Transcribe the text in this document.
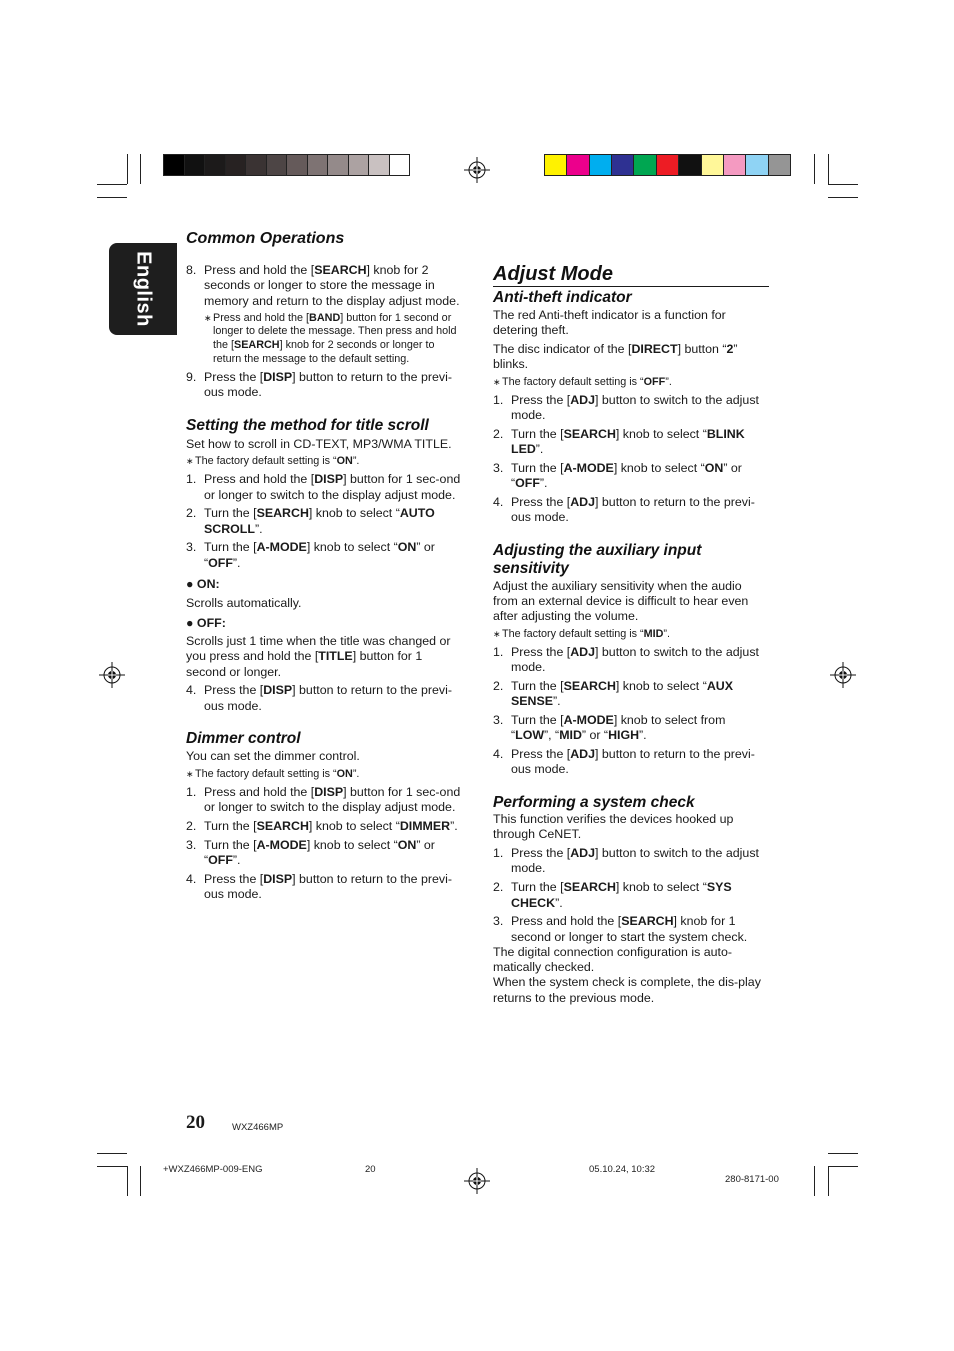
English

Common Operations

8. Press and hold the [SEARCH] knob for 2 seconds or longer to store the message in memory and return to the display adjust mode.
∗ Press and hold the [BAND] button for 1 second or longer to delete the message. Then press and hold the [SEARCH] knob for 2 seconds or longer to return the message to the default setting.
9. Press the [DISP] button to return to the previ-ous mode.

Setting the method for title scroll

Set how to scroll in CD-TEXT, MP3/WMA TITLE.

∗ The factory default setting is “ON”.
1. Press and hold the [DISP] button for 1 sec-ond or longer to switch to the display adjust mode.
2. Turn the [SEARCH] knob to select “AUTO SCROLL”.
3. Turn the [A-MODE] knob to select “ON” or “OFF”.

● ON:

Scrolls automatically.

● OFF:

Scrolls just 1 time when the title was changed or you press and hold the [TITLE] button for 1 second or longer.

4. Press the [DISP] button to return to the previ-ous mode.

Dimmer control

You can set the dimmer control.

∗ The factory default setting is “ON”.
1. Press and hold the [DISP] button for 1 sec-ond or longer to switch to the display adjust mode.
2. Turn the [SEARCH] knob to select “DIMMER”.
3. Turn the [A-MODE] knob to select “ON” or “OFF”.
4. Press the [DISP] button to return to the previ-ous mode.

Adjust Mode

Anti-theft indicator

The red Anti-theft indicator is a function for detering theft.

The disc indicator of the [DIRECT] button “2” blinks.

∗ The factory default setting is “OFF”.
1. Press the [ADJ] button to switch to the adjust mode.
2. Turn the [SEARCH] knob to select “BLINK LED”.
3. Turn the [A-MODE] knob to select “ON” or “OFF”.
4. Press the [ADJ] button to return to the previ-ous mode.

Adjusting the auxiliary input sensitivity

Adjust the auxiliary sensitivity when the audio from an external device is difficult to hear even after adjusting the volume.

∗ The factory default setting is “MID”.
1. Press the [ADJ] button to switch to the adjust mode.
2. Turn the [SEARCH] knob to select “AUX SENSE”.
3. Turn the [A-MODE] knob to select from “LOW”, “MID” or “HIGH”.
4. Press the [ADJ] button to return to the previ-ous mode.

Performing a system check

This function verifies the devices hooked up through CeNET.

1. Press the [ADJ] button to switch to the adjust mode.
2. Turn the [SEARCH] knob to select “SYS CHECK”.
3. Press and hold the [SEARCH] knob for 1 second or longer to start the system check.

The digital connection configuration is auto-matically checked.

When the system check is complete, the dis-play returns to the previous mode.

20	WXZ466MP
+WXZ466MP-009-ENG	20	05.10.24, 10:32
280-8171-00
